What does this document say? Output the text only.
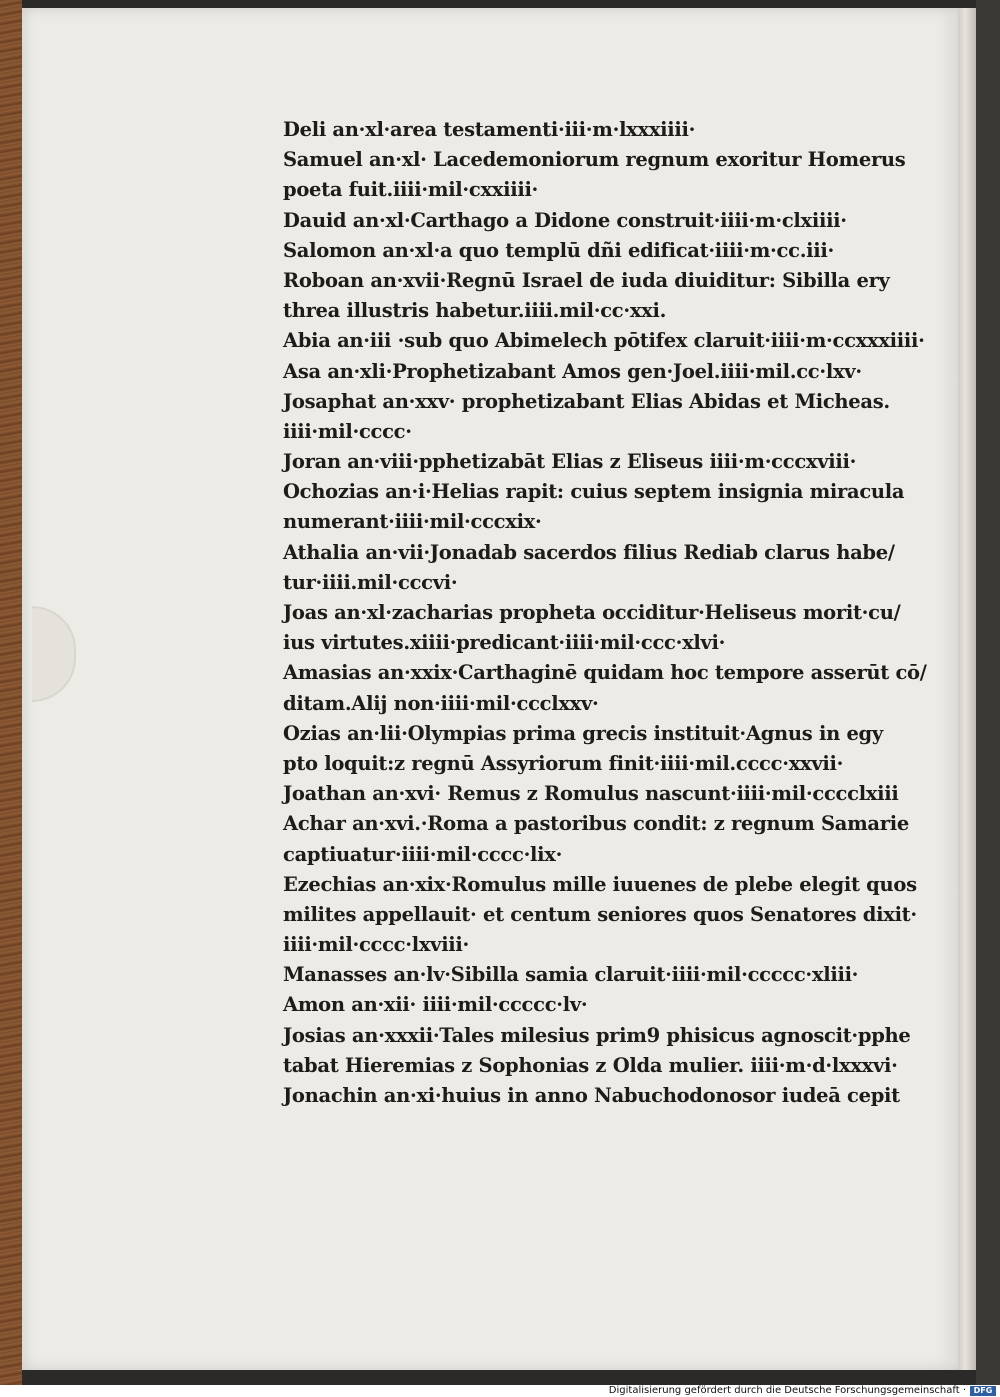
Deli an·xl·area testamenti·iii·m·lxxxiiii·
Samuel an·xl· Lacedemoniorum regnum exoritur Homerus
poeta fuit.iiii·mil·cxxiiii·
Dauid an·xl·Carthago a Didone construit·iiii·m·clxiiii·
Salomon an·xl·a quo templū dñi edificat·iiii·m·cc.iii·
Roboan an·xvii·Regnū Israel de iuda diuiditur: Sibilla ery
threa illustris habetur.iiii.mil·cc·xxi.
Abia an·iii ·sub quo Abimelech pōtifex claruit·iiii·m·ccxxxiiii·
Asa an·xli·Prophetizabant Amos gen·Joel.iiii·mil.cc·lxv·
Josaphat an·xxv· prophetizabant Elias Abidas et Micheas.
iiii·mil·cccc·
Joran an·viii·pphetizabāt Elias z Eliseus iiii·m·cccxviii·
Ochozias an·i·Helias rapit: cuius septem insignia miracula
numerant·iiii·mil·cccxix·
Athalia an·vii·Jonadab sacerdos filius Rediab clarus habe/
tur·iiii.mil·cccvi·
Joas an·xl·zacharias propheta occiditur·Heliseus morit·cu/
ius virtutes.xiiii·predicant·iiii·mil·ccc·xlvi·
Amasias an·xxix·Carthaginē quidam hoc tempore asserūt cō/
ditam.Alij non·iiii·mil·ccclxxv·
Ozias an·lii·Olympias prima grecis instituit·Agnus in egy
pto loquit:z regnū Assyriorum finit·iiii·mil.cccc·xxvii·
Joathan an·xvi· Remus z Romulus nascunt·iiii·mil·cccclxiii
Achar an·xvi.·Roma a pastoribus condit: z regnum Samarie
captiuatur·iiii·mil·cccc·lix·
Ezechias an·xix·Romulus mille iuuenes de plebe elegit quos
milites appellauit· et centum seniores quos Senatores dixit·
iiii·mil·cccc·lxviii·
Manasses an·lv·Sibilla samia claruit·iiii·mil·ccccc·xliii·
Amon an·xii· iiii·mil·ccccc·lv·
Josias an·xxxii·Tales milesius prim9 phisicus agnoscit·pphe
tabat Hieremias z Sophonias z Olda mulier. iiii·m·d·lxxxvi·
Jonachin an·xi·huius in anno Nabuchodonosor iudeā cepit
Digitalisierung gefördert durch die Deutsche Forschungsgemeinschaft · DFG
